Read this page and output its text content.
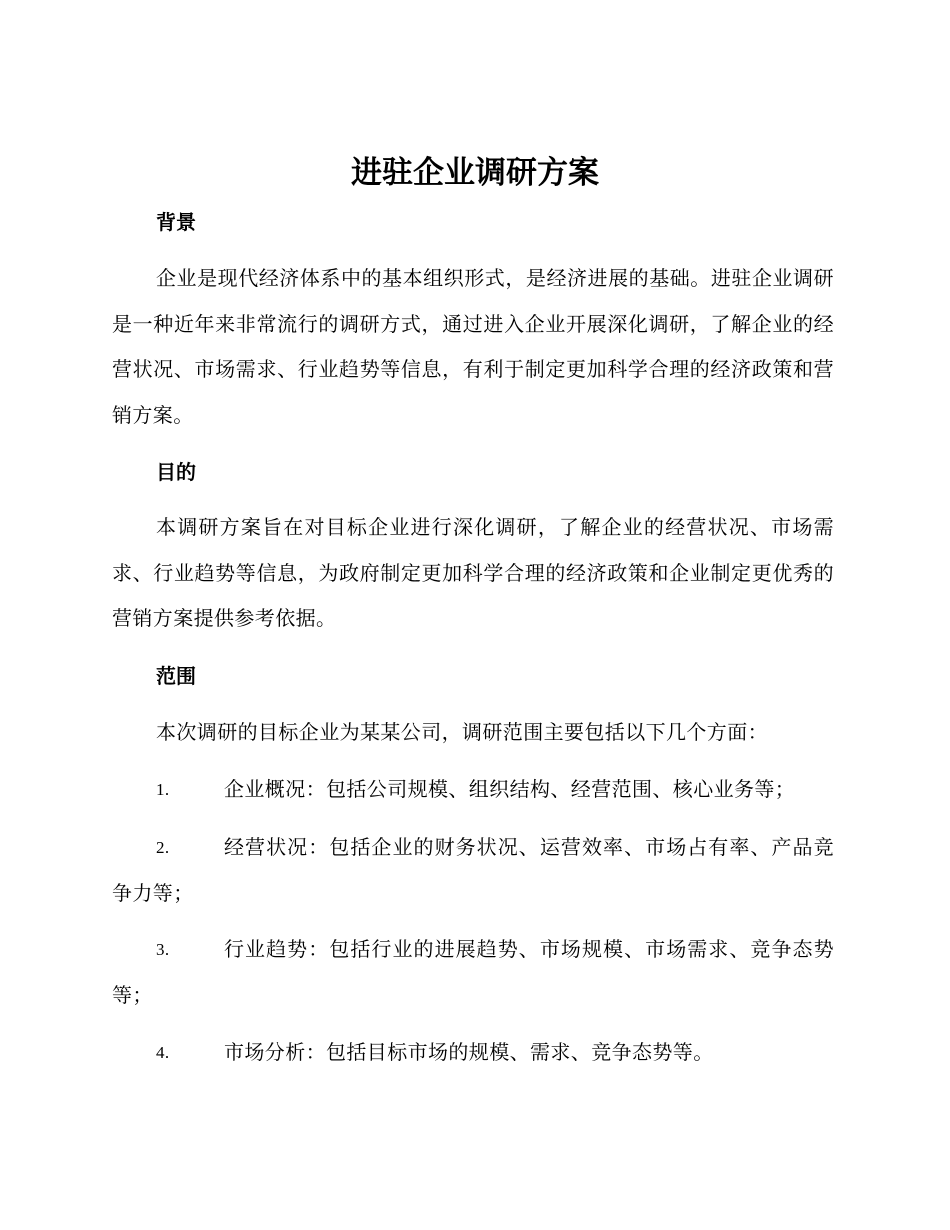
进驻企业调研方案
背景

企业是现代经济体系中的基本组织形式，是经济进展的基础。进驻企业调研是一种近年来非常流行的调研方式，通过进入企业开展深化调研，了解企业的经营状况、市场需求、行业趋势等信息，有利于制定更加科学合理的经济政策和营销方案。

目的

本调研方案旨在对目标企业进行深化调研，了解企业的经营状况、市场需求、行业趋势等信息，为政府制定更加科学合理的经济政策和企业制定更优秀的营销方案提供参考依据。

范围

本次调研的目标企业为某某公司，调研范围主要包括以下几个方面：

1.	企业概况：包括公司规模、组织结构、经营范围、核心业务等；
2.	经营状况：包括企业的财务状况、运营效率、市场占有率、产品竞争力等；
3.	行业趋势：包括行业的进展趋势、市场规模、市场需求、竞争态势等；
4.	市场分析：包括目标市场的规模、需求、竞争态势等。
